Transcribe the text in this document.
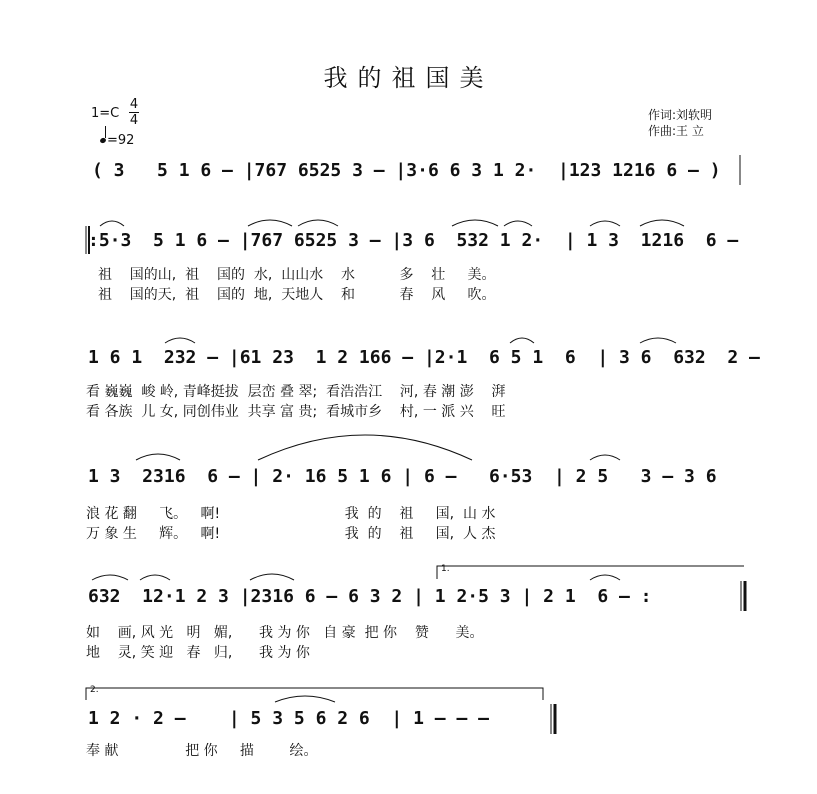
我的祖国美
1=C
4
4
=92
作词:刘软明
作曲:王 立
( 3   5 1 6 – |767 6525 3 – |3·6 6 3 1 2·  |123 1216 6 – )
:5·3  5 1 6 – |767 6525 3 – |3 6  532 1 2·  | 1 3  1216  6 –
祖    国的山,  祖    国的  水,  山山水    水          多    壮     美。
祖    国的天,  祖    国的  地,  天地人    和          春    风     吹。
1 6 1  232 – |61 23  1 2 166 – |2·1  6 5 1  6  | 3 6  632  2 –
看 巍巍  峻 岭, 青峰挺拔  层峦 叠 翠;  看浩浩江    河, 春 潮 澎    湃
看 各族  儿 女, 同创伟业  共享 富 贵;  看城市乡    村, 一 派 兴    旺
1 3  2316  6 – | 2· 16 5 1 6 | 6 –   6·53  | 2 5   3 – 3 6
浪 花 翻     飞。   啊!                            我  的    祖     国,  山 水
万 象 生     辉。   啊!                            我  的    祖     国,  人 杰
1.
632  12·1 2 3 |2316 6 – 6 3 2 | 1 2·5 3 | 2 1  6 – :
如    画, 风 光   明   媚,      我 为 你   自 豪  把 你    赞      美。
地    灵, 笑 迎   春   归,      我 为 你
2.
1 2 · 2 –    | 5 3 5 6 2 6  | 1 – – –
奉 献               把 你     描        绘。
